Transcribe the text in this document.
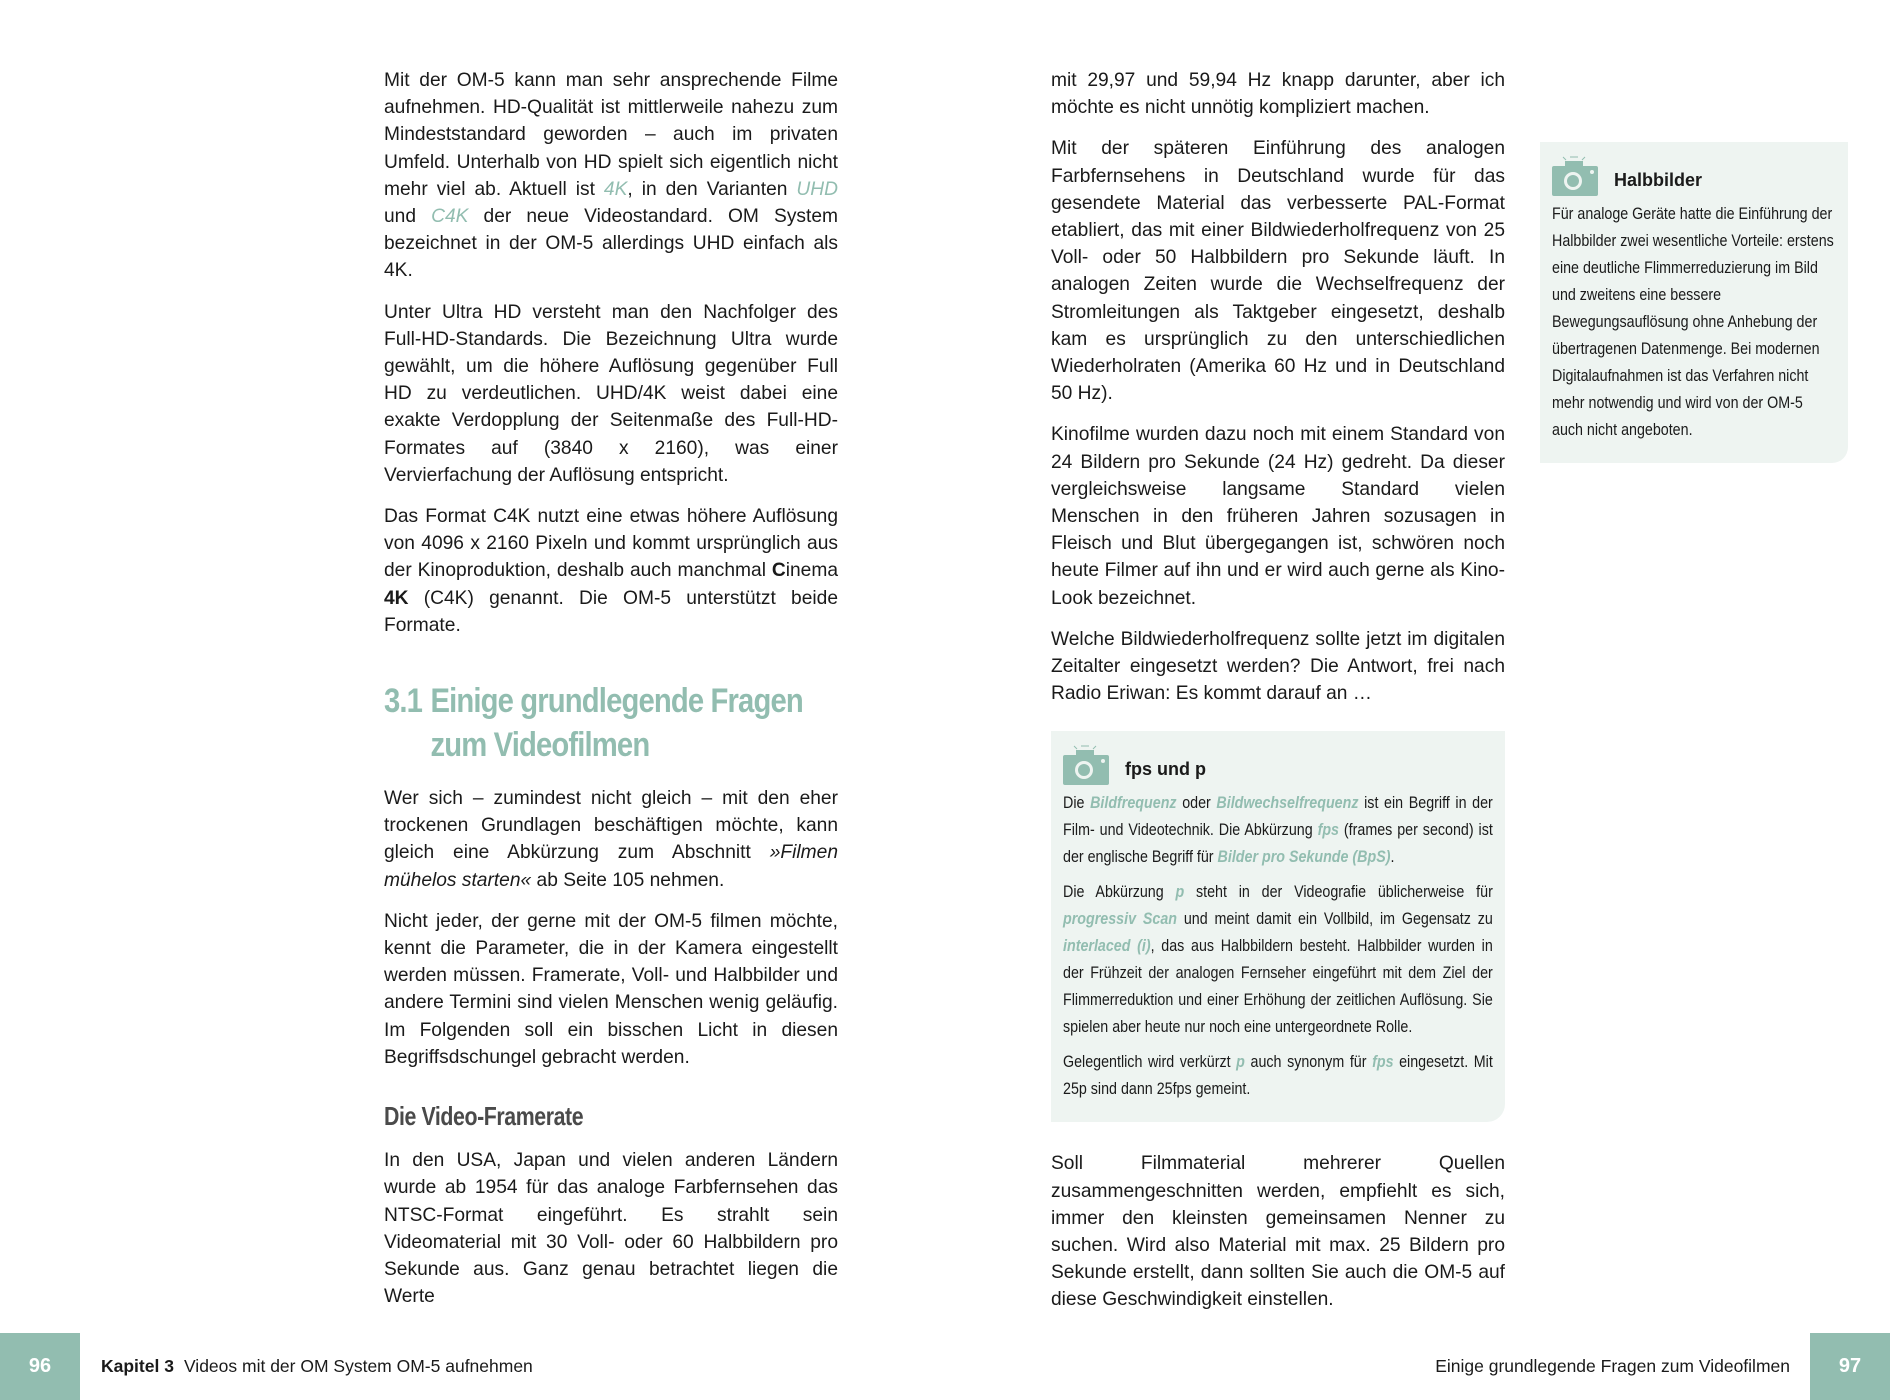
Mit der OM-5 kann man sehr ansprechende Filme aufnehmen. HD-Qualität ist mittlerweile nahezu zum Mindeststandard geworden – auch im privaten Umfeld. Unterhalb von HD spielt sich eigentlich nicht mehr viel ab. Aktuell ist 4K, in den Varianten UHD und C4K der neue Videostandard. OM System bezeichnet in der OM-5 allerdings UHD einfach als 4K.

Unter Ultra HD versteht man den Nachfolger des Full-HD-Standards. Die Bezeichnung Ultra wurde gewählt, um die höhere Auflösung gegenüber Full HD zu verdeutlichen. UHD/4K weist dabei eine exakte Verdopplung der Seitenmaße des Full-HD-Formates auf (3840 x 2160), was einer Vervierfachung der Auflösung entspricht.

Das Format C4K nutzt eine etwas höhere Auflösung von 4096 x 2160 Pixeln und kommt ursprünglich aus der Kinoproduktion, deshalb auch manchmal Cinema 4K (C4K) genannt. Die OM-5 unterstützt beide Formate.

3.1 Einige grundlegende Fragen zum Videofilmen

Wer sich – zumindest nicht gleich – mit den eher trockenen Grundlagen beschäftigen möchte, kann gleich eine Abkürzung zum Abschnitt »Filmen mühelos starten« ab Seite 105 nehmen.

Nicht jeder, der gerne mit der OM-5 filmen möchte, kennt die Parameter, die in der Kamera eingestellt werden müssen. Framerate, Voll- und Halbbilder und andere Termini sind vielen Menschen wenig geläufig. Im Folgenden soll ein bisschen Licht in diesen Begriffsdschungel gebracht werden.

Die Video-Framerate

In den USA, Japan und vielen anderen Ländern wurde ab 1954 für das analoge Farbfernsehen das NTSC-Format eingeführt. Es strahlt sein Videomaterial mit 30 Voll- oder 60 Halbbildern pro Sekunde aus. Ganz genau betrachtet liegen die Werte

mit 29,97 und 59,94 Hz knapp darunter, aber ich möchte es nicht unnötig kompliziert machen.

Mit der späteren Einführung des analogen Farbfernsehens in Deutschland wurde für das gesendete Material das verbesserte PAL-Format etabliert, das mit einer Bildwiederholfrequenz von 25 Voll- oder 50 Halbbildern pro Sekunde läuft. In analogen Zeiten wurde die Wechselfrequenz der Stromleitungen als Taktgeber eingesetzt, deshalb kam es ursprünglich zu den unterschiedlichen Wiederholraten (Amerika 60 Hz und in Deutschland 50 Hz).

Kinofilme wurden dazu noch mit einem Standard von 24 Bildern pro Sekunde (24 Hz) gedreht. Da dieser vergleichsweise langsame Standard vielen Menschen in den früheren Jahren sozusagen in Fleisch und Blut übergegangen ist, schwören noch heute Filmer auf ihn und er wird auch gerne als Kino-Look bezeichnet.

Welche Bildwiederholfrequenz sollte jetzt im digitalen Zeitalter eingesetzt werden? Die Antwort, frei nach Radio Eriwan: Es kommt darauf an …

fps und p

Die Bildfrequenz oder Bildwechselfrequenz ist ein Begriff in der Film- und Videotechnik. Die Abkürzung fps (frames per second) ist der englische Begriff für Bilder pro Sekunde (BpS).

Die Abkürzung p steht in der Videografie üblicherweise für progressiv Scan und meint damit ein Vollbild, im Gegensatz zu interlaced (i), das aus Halbbildern besteht. Halbbilder wurden in der Frühzeit der analogen Fernseher eingeführt mit dem Ziel der Flimmerreduktion und einer Erhöhung der zeitlichen Auflösung. Sie spielen aber heute nur noch eine untergeordnete Rolle.

Gelegentlich wird verkürzt p auch synonym für fps eingesetzt. Mit 25p sind dann 25fps gemeint.

Soll Filmmaterial mehrerer Quellen zusammengeschnitten werden, empfiehlt es sich, immer den kleinsten gemeinsamen Nenner zu suchen. Wird also Material mit max. 25 Bildern pro Sekunde erstellt, dann sollten Sie auch die OM-5 auf diese Geschwindigkeit einstellen.

Halbbilder

Für analoge Geräte hatte die Einführung der Halbbilder zwei wesentliche Vorteile: erstens eine deutliche Flimmerreduzierung im Bild und zweitens eine bessere Bewegungsauflösung ohne Anhebung der übertragenen Datenmenge. Bei modernen Digitalaufnahmen ist das Verfahren nicht mehr notwendig und wird von der OM-5 auch nicht angeboten.

96	Kapitel 3 Videos mit der OM System OM-5 aufnehmen	Einige grundlegende Fragen zum Videofilmen	97
